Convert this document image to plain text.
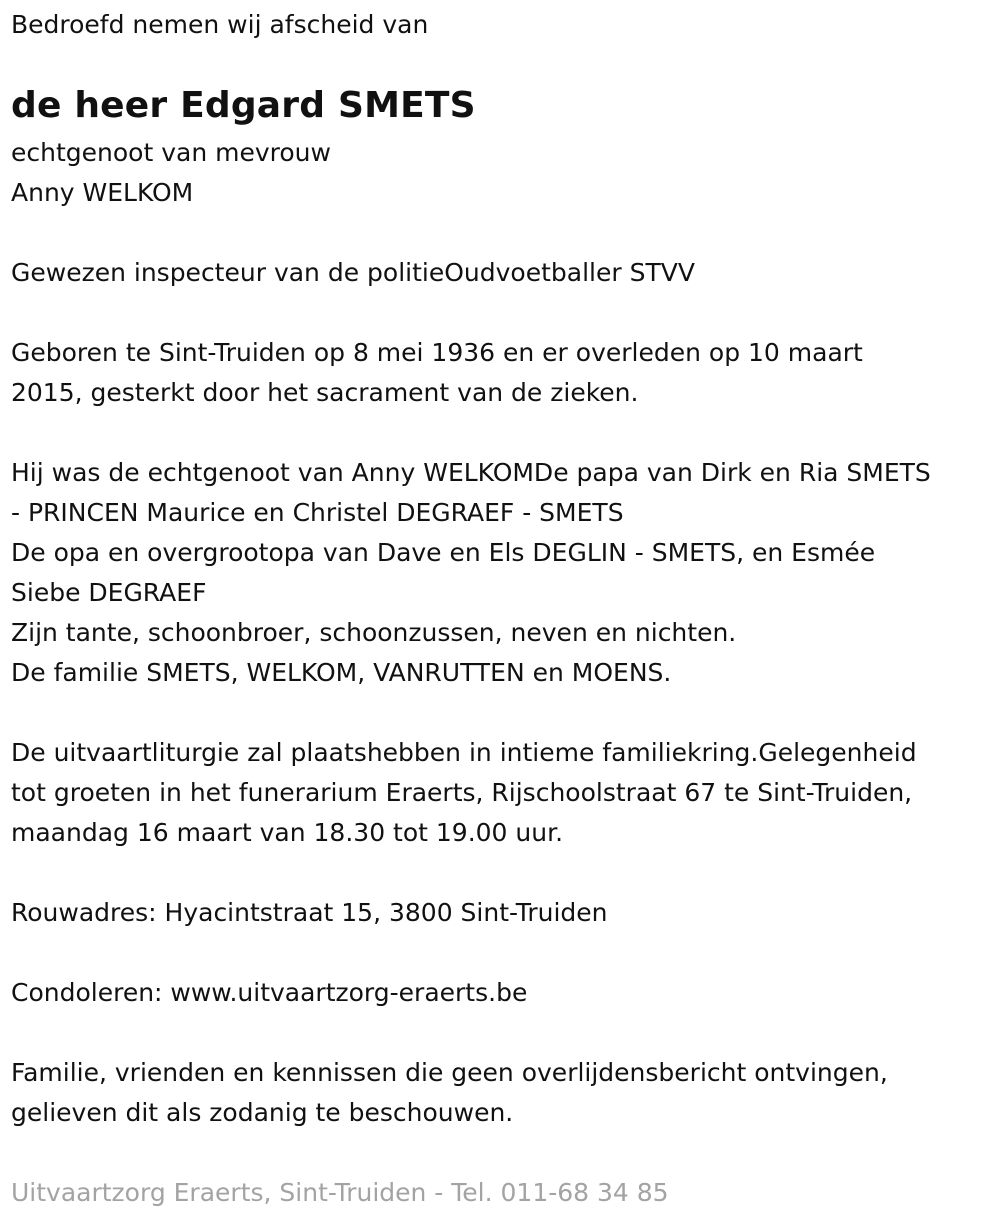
Bedroefd nemen wij afscheid van

de heer Edgard SMETS

echtgenoot van mevrouw

Anny WELKOM

Gewezen inspecteur van de politieOudvoetballer STVV

Geboren te Sint-Truiden op 8 mei 1936 en er overleden op 10 maart

2015, gesterkt door het sacrament van de zieken.

Hij was de echtgenoot van Anny WELKOMDe papa van Dirk en Ria SMETS

- PRINCEN Maurice en Christel DEGRAEF - SMETS

De opa en overgrootopa van Dave en Els DEGLIN - SMETS, en Esmée

Siebe DEGRAEF

Zijn tante, schoonbroer, schoonzussen, neven en nichten.

De familie SMETS, WELKOM, VANRUTTEN en MOENS.

De uitvaartliturgie zal plaatshebben in intieme familiekring.Gelegenheid

tot groeten in het funerarium Eraerts, Rijschoolstraat 67 te Sint-Truiden,

maandag 16 maart van 18.30 tot 19.00 uur.

Rouwadres: Hyacintstraat 15, 3800 Sint-Truiden

Condoleren: www.uitvaartzorg-eraerts.be

Familie, vrienden en kennissen die geen overlijdensbericht ontvingen,

gelieven dit als zodanig te beschouwen.

Uitvaartzorg Eraerts, Sint-Truiden - Tel. 011-68 34 85
